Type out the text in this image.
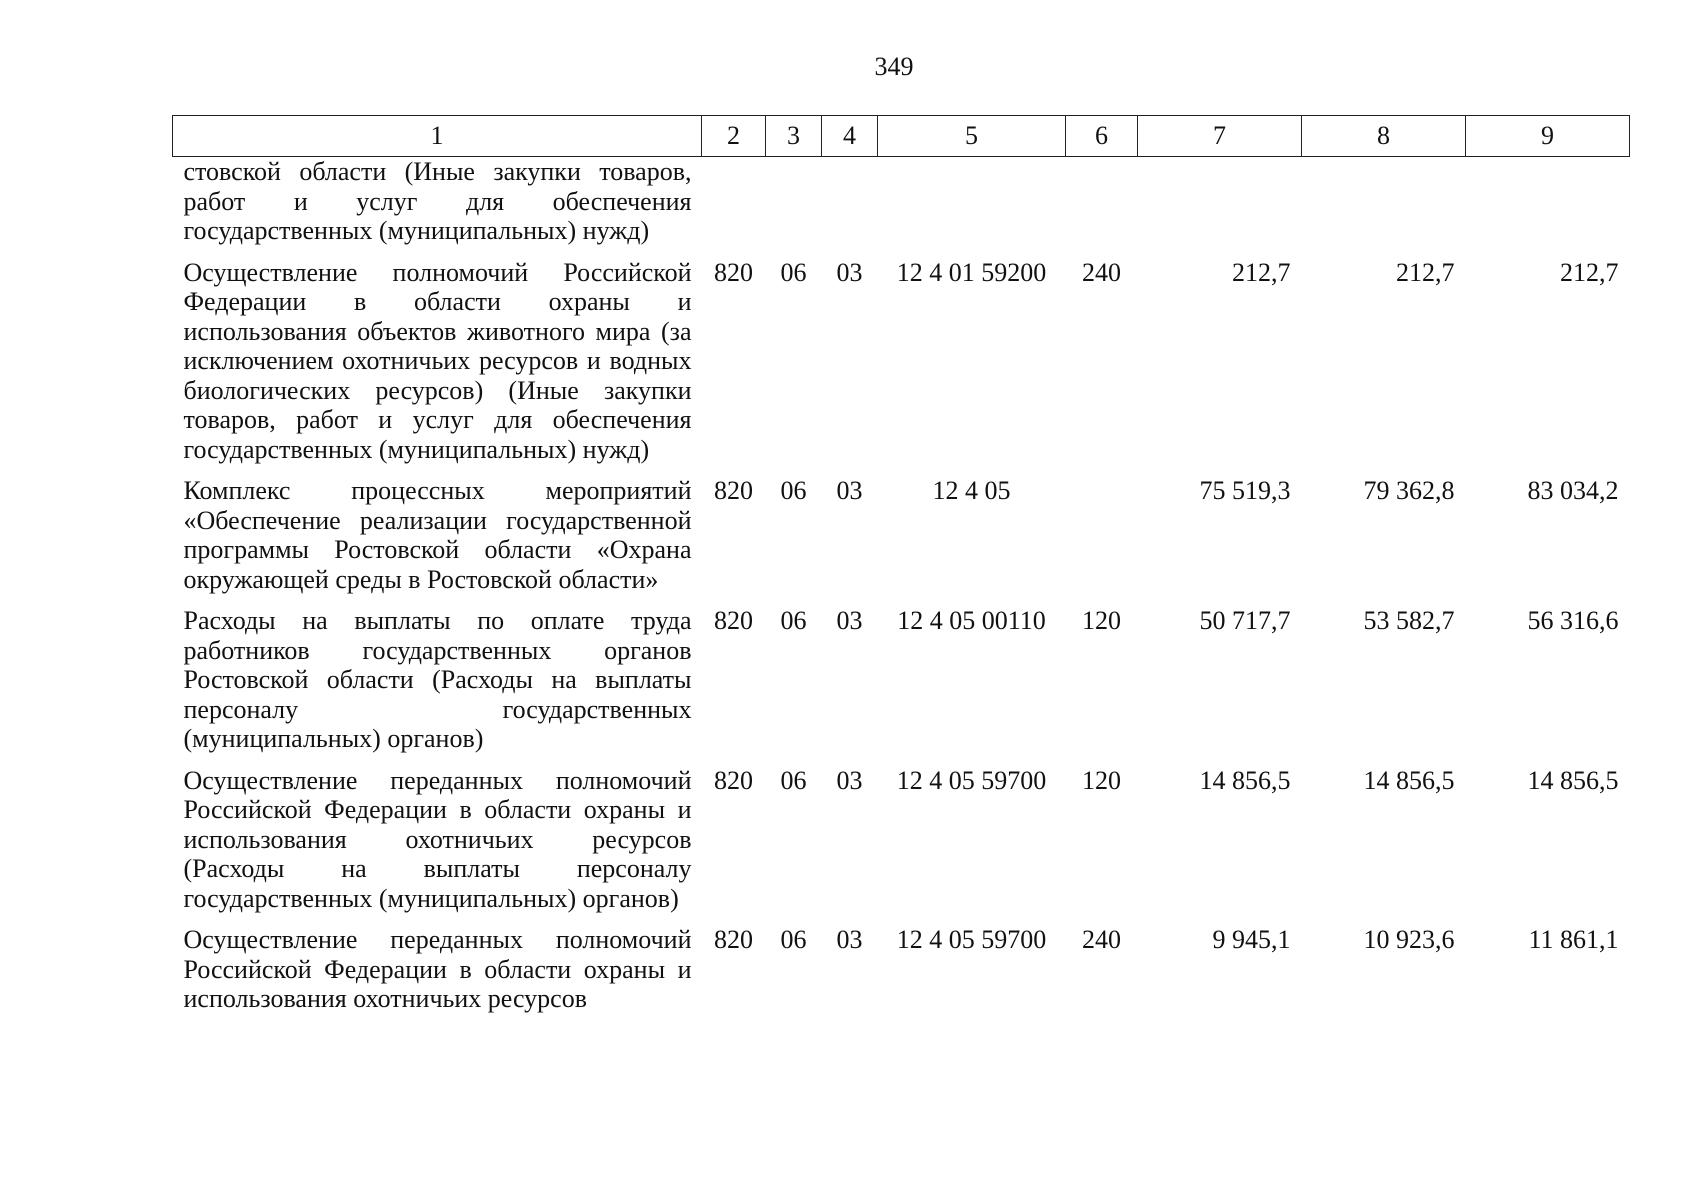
349
1	2	3	4	5	6	7	8	9
стовской области (Иные закупки товаров, работ и услуг для обеспечения государственных (муниципальных) нужд)								
Осуществление полномочий Российской Федерации в области охраны и использования объектов животного мира (за исключением охотничьих ресурсов и водных биологических ресурсов) (Иные закупки товаров, работ и услуг для обеспечения государственных (муниципальных) нужд)	820	06	03	12 4 01 59200	240	212,7	212,7	212,7
Комплекс процессных мероприятий «Обеспечение реализации государственной программы Ростовской области «Охрана окружающей среды в Ростовской области»	820	06	03	12 4 05		75 519,3	79 362,8	83 034,2
Расходы на выплаты по оплате труда работников государственных органов Ростовской области (Расходы на выплаты персоналу государственных (муниципальных) органов)	820	06	03	12 4 05 00110	120	50 717,7	53 582,7	56 316,6
Осуществление переданных полномочий Российской Федерации в области охраны и использования охотничьих ресурсов (Расходы на выплаты персоналу государственных (муниципальных) органов)	820	06	03	12 4 05 59700	120	14 856,5	14 856,5	14 856,5
Осуществление переданных полномочий Российской Федерации в области охраны и использования охотничьих ресурсов	820	06	03	12 4 05 59700	240	9 945,1	10 923,6	11 861,1
